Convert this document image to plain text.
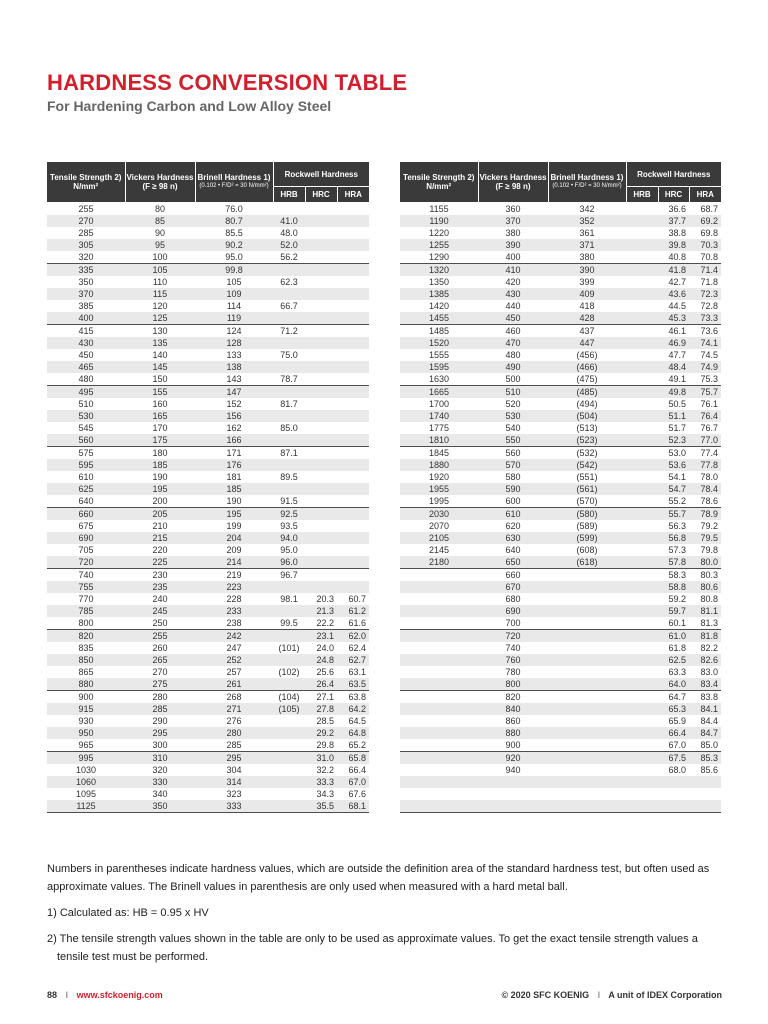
HARDNESS CONVERSION TABLE
For Hardening Carbon and Low Alloy Steel
Tensile Strength 2) N/mm²	Vickers Hardness (F ≥ 98 n)	Brinell Hardness 1)
(0.102 • F/D² = 30 N/mm²)	Rockwell Hardness		
			HRB	HRC	HRA
255	80	76.0			
270	85	80.7	41.0		
285	90	85.5	48.0		
305	95	90.2	52.0		
320	100	95.0	56.2		
335	105	99.8			
350	110	105	62.3		
370	115	109			
385	120	114	66.7		
400	125	119			
415	130	124	71.2		
430	135	128			
450	140	133	75.0		
465	145	138			
480	150	143	78.7		
495	155	147			
510	160	152	81.7		
530	165	156			
545	170	162	85.0		
560	175	166			
575	180	171	87.1		
595	185	176			
610	190	181	89.5		
625	195	185			
640	200	190	91.5		
660	205	195	92.5		
675	210	199	93.5		
690	215	204	94.0		
705	220	209	95.0		
720	225	214	96.0		
740	230	219	96.7		
755	235	223			
770	240	228	98.1	20.3	60.7
785	245	233		21.3	61.2
800	250	238	99.5	22.2	61.6
820	255	242		23.1	62.0
835	260	247	(101)	24.0	62.4
850	265	252		24.8	62.7
865	270	257	(102)	25.6	63.1
880	275	261		26.4	63.5
900	280	268	(104)	27.1	63.8
915	285	271	(105)	27.8	64.2
930	290	276		28.5	64.5
950	295	280		29.2	64.8
965	300	285		29.8	65.2
995	310	295		31.0	65.8
1030	320	304		32.2	66.4
1060	330	314		33.3	67.0
1095	340	323		34.3	67.6
1125	350	333		35.5	68.1
Tensile Strength 2) N/mm²	Vickers Hardness (F ≥ 98 n)	Brinell Hardness 1)
(0.102 • F/D² = 30 N/mm²)	Rockwell Hardness		
			HRB	HRC	HRA
1155	360	342		36.6	68.7
1190	370	352		37.7	69.2
1220	380	361		38.8	69.8
1255	390	371		39.8	70.3
1290	400	380		40.8	70.8
1320	410	390		41.8	71.4
1350	420	399		42.7	71.8
1385	430	409		43.6	72.3
1420	440	418		44.5	72.8
1455	450	428		45.3	73.3
1485	460	437		46.1	73.6
1520	470	447		46.9	74.1
1555	480	(456)		47.7	74.5
1595	490	(466)		48.4	74.9
1630	500	(475)		49.1	75.3
1665	510	(485)		49.8	75.7
1700	520	(494)		50.5	76.1
1740	530	(504)		51.1	76.4
1775	540	(513)		51.7	76.7
1810	550	(523)		52.3	77.0
1845	560	(532)		53.0	77.4
1880	570	(542)		53.6	77.8
1920	580	(551)		54.1	78.0
1955	590	(561)		54.7	78.4
1995	600	(570)		55.2	78.6
2030	610	(580)		55.7	78.9
2070	620	(589)		56.3	79.2
2105	630	(599)		56.8	79.5
2145	640	(608)		57.3	79.8
2180	650	(618)		57.8	80.0
	660			58.3	80.3
	670			58.8	80.6
	680			59.2	80.8
	690			59.7	81.1
	700			60.1	81.3
	720			61.0	81.8
	740			61.8	82.2
	760			62.5	82.6
	780			63.3	83.0
	800			64.0	83.4
	820			64.7	83.8
	840			65.3	84.1
	860			65.9	84.4
	880			66.4	84.7
	900			67.0	85.0
	920			67.5	85.3
	940			68.0	85.6

Numbers in parentheses indicate hardness values, which are outside the definition area of the standard hardness test, but often used as approximate values. The Brinell values in parenthesis are only used when measured with a hard metal ball.

1) Calculated as: HB = 0.95 x HV

2) The tensile strength values shown in the table are only to be used as approximate values. To get the exact tensile strength values a tensile test must be performed.

88 I www.sfckoenig.com	© 2020 SFC KOENIG I A unit of IDEX Corporation
